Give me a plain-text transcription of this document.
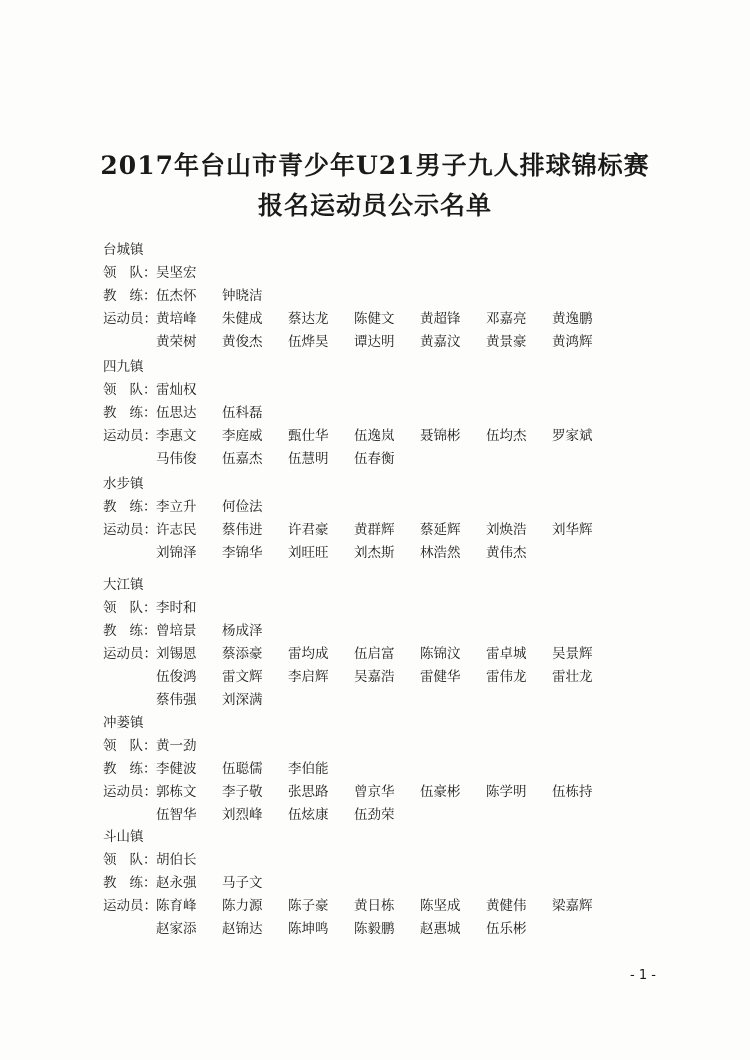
2017年台山市青少年U21男子九人排球锦标赛
报名运动员公示名单
台城镇
领 队： 吴坚宏
教 练： 伍杰怀	钟晓洁
运动员： 黄培峰	朱健成	蔡达龙	陈健文	黄超锋	邓嘉亮	黄逸鹏
黄荣树	黄俊杰	伍烨昊	谭达明	黄嘉汶	黄景豪	黄鸿辉
四九镇
领 队： 雷灿权
教 练： 伍思达	伍科磊
运动员： 李惠文	李庭威	甄仕华	伍逸岚	聂锦彬	伍均杰	罗家斌
马伟俊	伍嘉杰	伍慧明	伍春衡
水步镇
教 练： 李立升	何俭法
运动员： 许志民	蔡伟进	许君豪	黄群辉	蔡延辉	刘焕浩	刘华辉
刘锦泽	李锦华	刘旺旺	刘杰斯	林浩然	黄伟杰
大江镇
领 队： 李时和
教 练： 曾培景	杨成泽
运动员： 刘锡恩	蔡添豪	雷均成	伍启富	陈锦汶	雷卓城	吴景辉
伍俊鸿	雷文辉	李启辉	吴嘉浩	雷健华	雷伟龙	雷壮龙
蔡伟强	刘深满
冲蒌镇
领 队： 黄一劲
教 练： 李健波	伍聪儒	李伯能
运动员： 郭栋文	李子敬	张思路	曾京华	伍豪彬	陈学明	伍栋持
伍智华	刘烈峰	伍炫康	伍劲荣
斗山镇
领 队： 胡伯长
教 练： 赵永强	马子文
运动员： 陈育峰	陈力源	陈子豪	黄日栋	陈坚成	黄健伟	梁嘉辉
赵家添	赵锦达	陈坤鸣	陈毅鹏	赵惠城	伍乐彬
- 1 -
